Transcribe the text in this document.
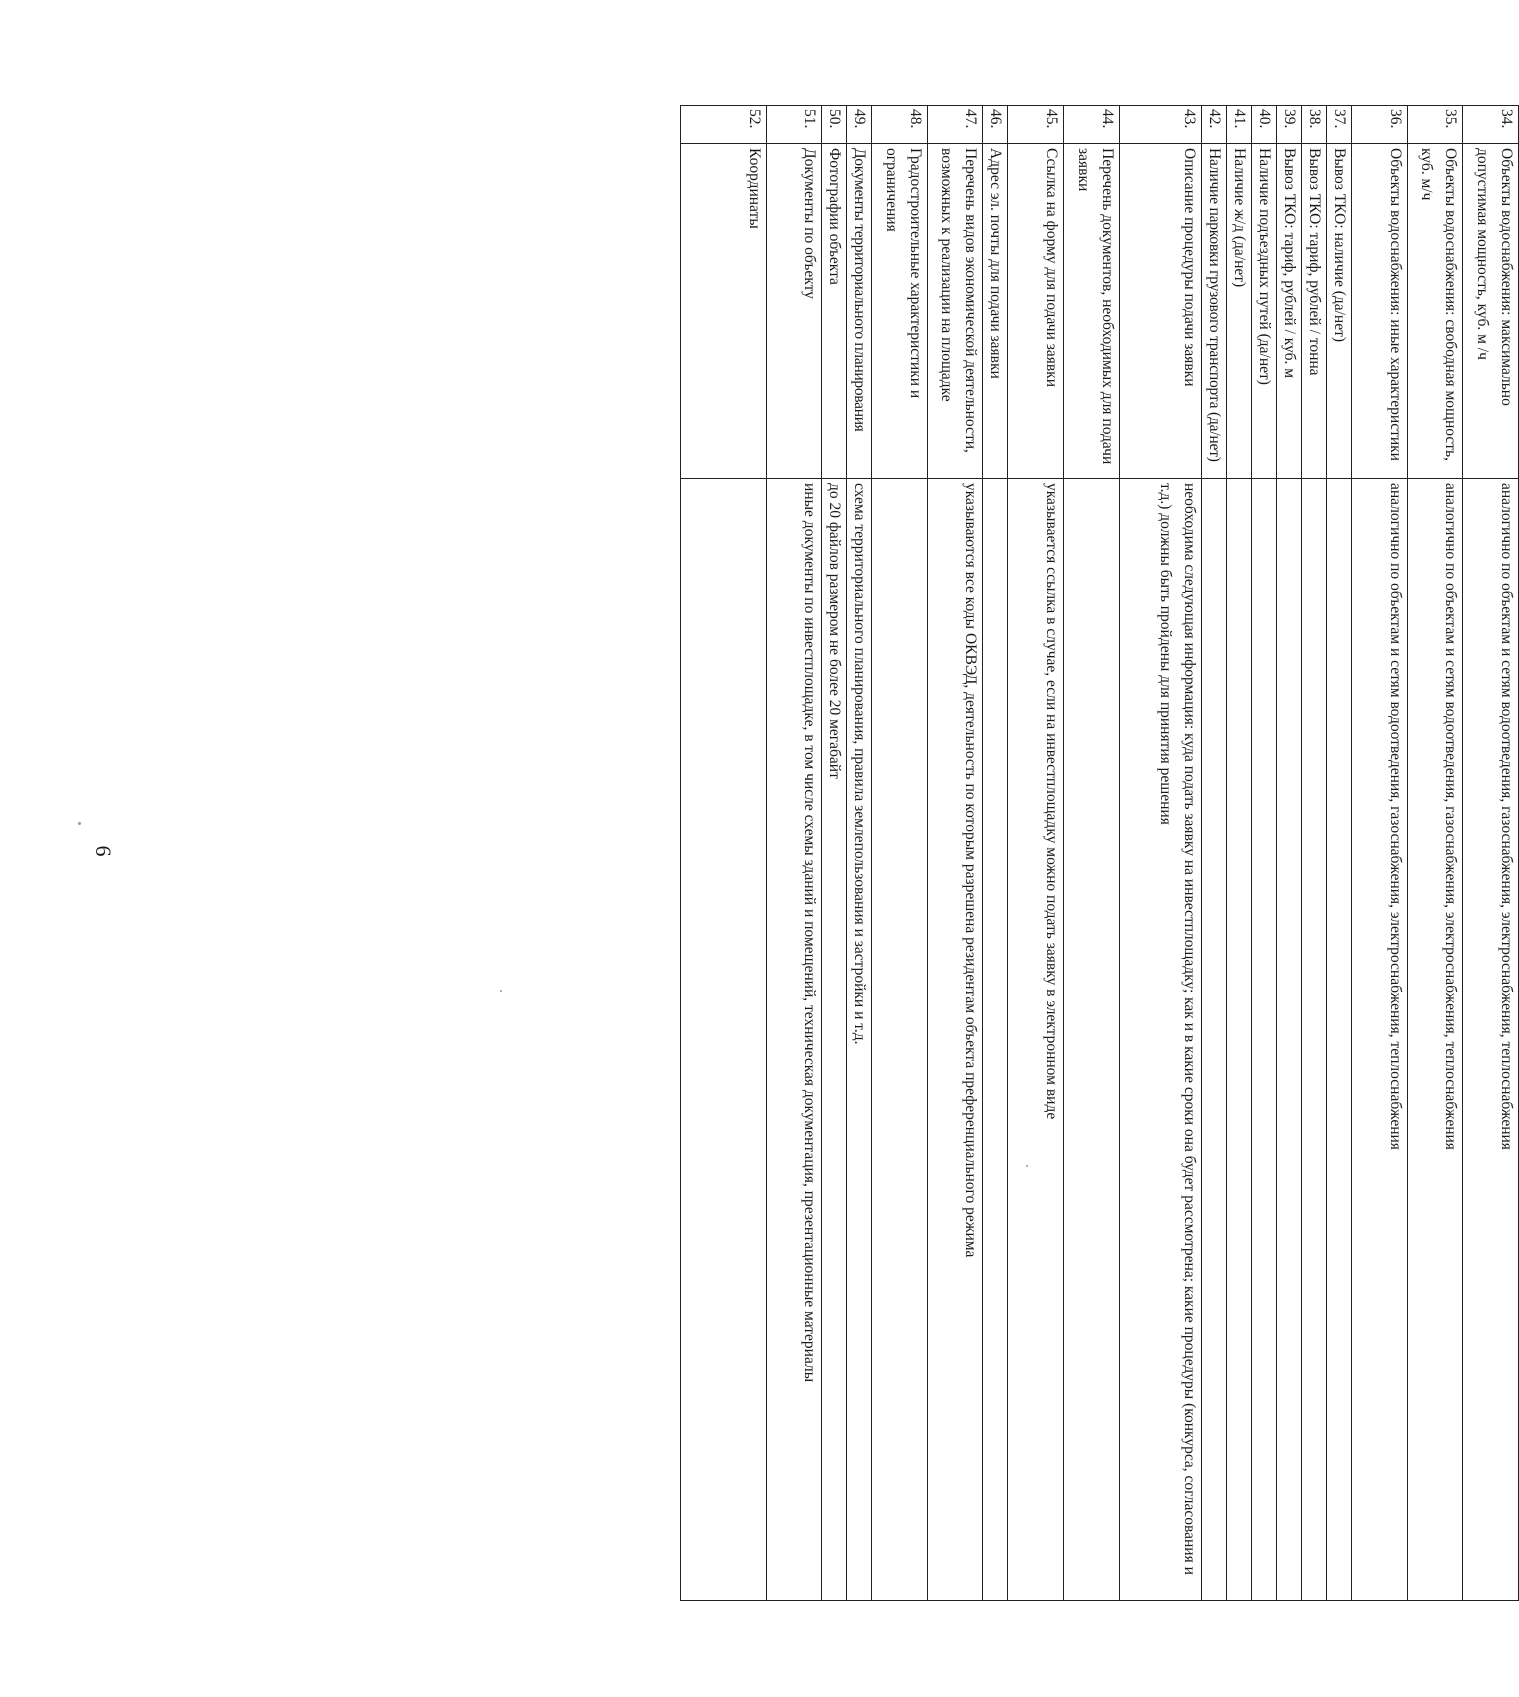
6
34.	Объекты водоснабжения: максимально допустимая мощность, куб. м /ч	аналогично по объектам и сетям водоотведения, газоснабжения, электроснабжения, теплоснабжения
35.	Объекты водоснабжения: свободная мощность, куб. м/ч	аналогично по объектам и сетям водоотведения, газоснабжения, электроснабжения, теплоснабжения
36.	Объекты водоснабжения: иные характеристики	аналогично по объектам и сетям водоотведения, газоснабжения, электроснабжения, теплоснабжения
37.	Вывоз ТКО: наличие (да/нет)	
38.	Вывоз ТКО: тариф, рублей / тонна	
39.	Вывоз ТКО: тариф, рублей / куб. м	
40.	Наличие подъездных путей (да/нет)	
41.	Наличие ж/д (да/нет)	
42.	Наличие парковки грузового транспорта (да/нет)	
43.	Описание процедуры подачи заявки	необходима следующая информация: куда подать заявку на инвестплощадку; как и в какие сроки она будет рассмотрена; какие процедуры (конкурса, согласования и т.д.) должны быть пройдены для принятия решения
44.	Перечень документов, необходимых для подачи заявки	
45.	Ссылка на форму для подачи заявки	указывается ссылка в случае, если на инвестплощадку можно подать заявку в электронном виде
46.	Адрес эл. почты для подачи заявки	
47.	Перечень видов экономической деятельности, возможных к реализации на площадке	указываются все коды ОКВЭД, деятельность по которым разрешена резидентам объекта преференциального режима
48.	Градостроительные характеристики и ограничения	
49.	Документы территориального планирования	схема территориального планирования, правила землепользования и застройки и т.д.
50.	Фотографии объекта	до 20 файлов размером не более 20 мегабайт
51.	Документы по объекту	иные документы по инвестплощадке, в том числе схемы зданий и помещений, техническая документация, презентационные материалы
52.	Координаты	
